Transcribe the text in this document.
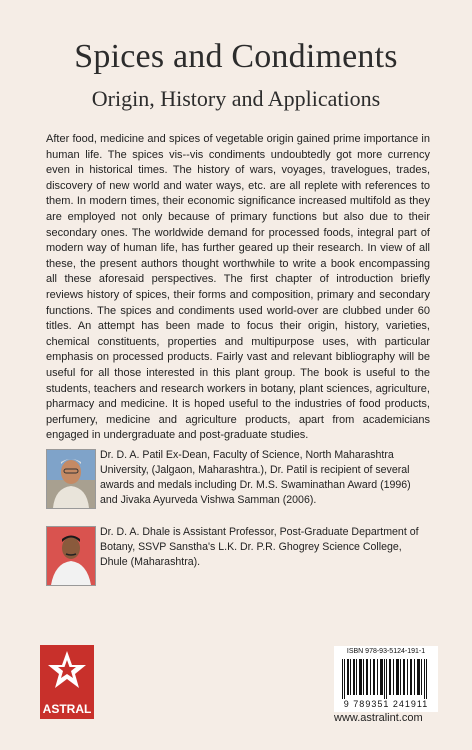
Spices and Condiments
Origin, History and Applications
After food, medicine and spices of vegetable origin gained prime importance in human life. The spices vis--vis condiments undoubtedly got more currency even in historical times. The history of wars, voyages, travelogues, trades, discovery of new world and water ways, etc. are all replete with references to them. In modern times, their economic significance increased multifold as they are employed not only because of primary functions but also due to their secondary ones. The worldwide demand for processed foods, integral part of modern way of human life, has further geared up their research. In view of all these, the present authors thought worthwhile to write a book encompassing all these aforesaid perspectives. The first chapter of introduction briefly reviews history of spices, their forms and composition, primary and secondary functions. The spices and condiments used world-over are clubbed under 60 titles. An attempt has been made to focus their origin, history, varieties, chemical constituents, properties and multipurpose uses, with particular emphasis on processed products. Fairly vast and relevant bibliography will be useful for all those interested in this plant group. The book is useful to the students, teachers and research workers in botany, plant sciences, agriculture, pharmacy and medicine. It is hoped useful to the industries of food products, perfumery, medicine and agriculture products, apart from academicians engaged in undergraduate and post-graduate studies.
Dr. D. A. Patil Ex-Dean, Faculty of Science, North Maharashtra University, (Jalgaon, Maharashtra.), Dr. Patil is recipient of several awards and medals including Dr. M.S. Swaminathan Award (1996) and Jivaka Ayurveda Vishwa Samman (2006).
Dr. D. A. Dhale is Assistant Professor, Post-Graduate Department of Botany, SSVP Sanstha's L.K. Dr. P.R. Ghogrey Science College, Dhule (Maharashtra).
ASTRAL
ISBN 978-93-5124-191-1
9 789351 241911
www.astralint.com
